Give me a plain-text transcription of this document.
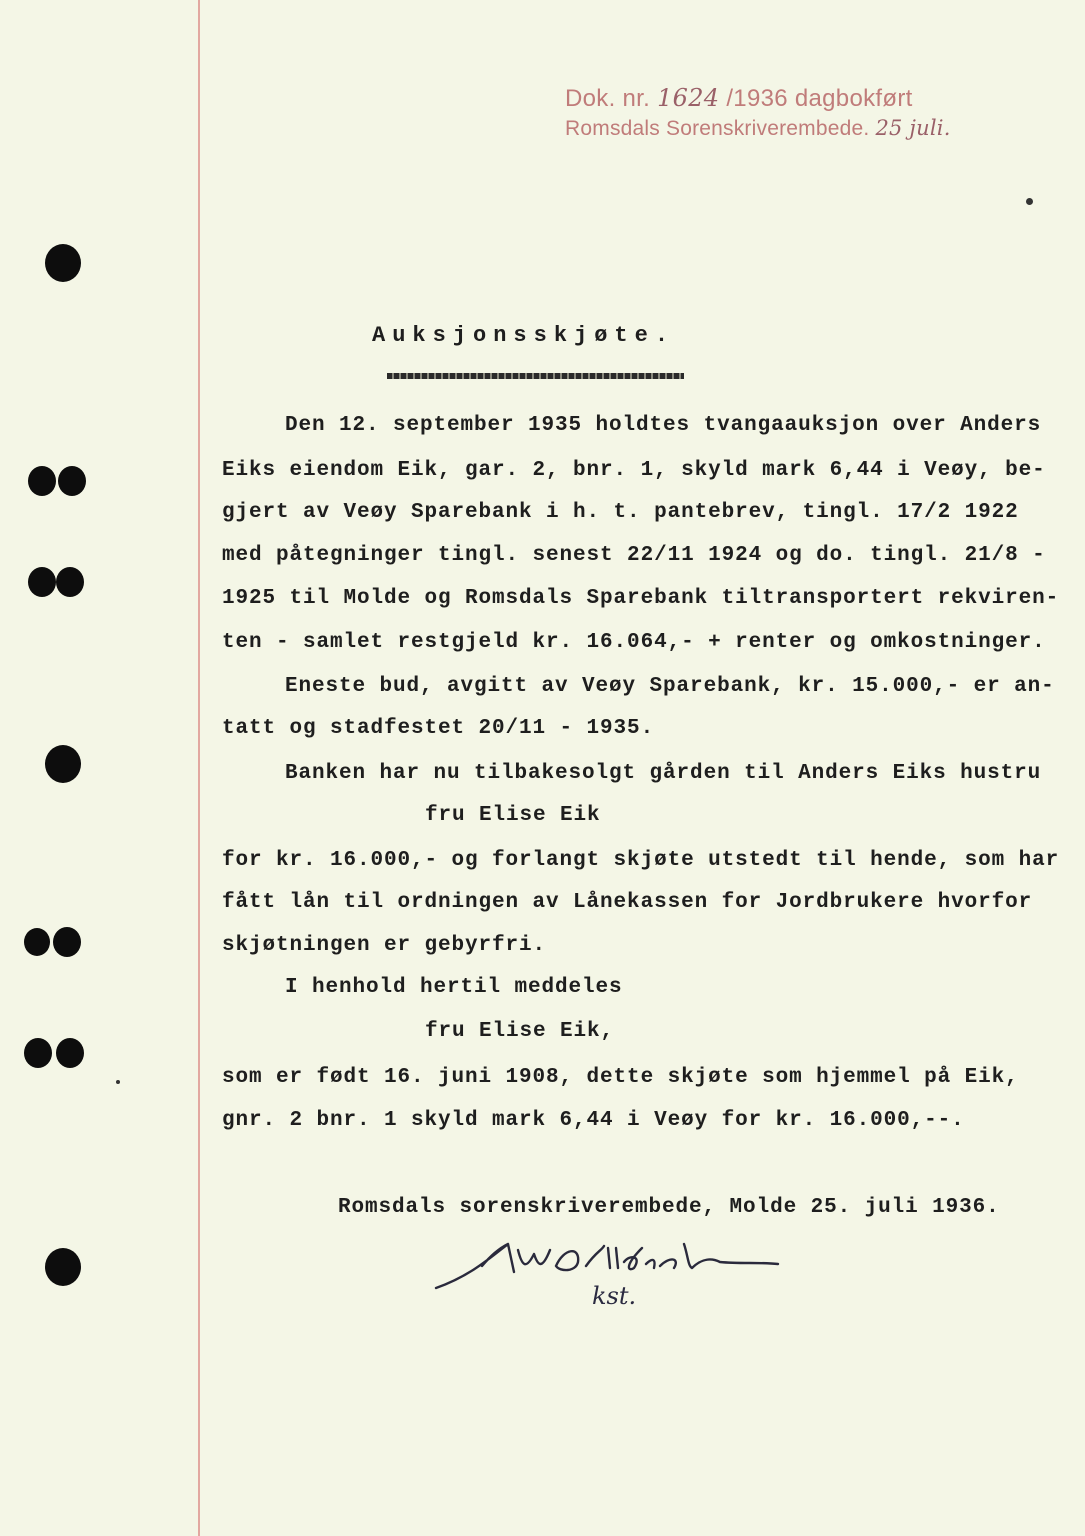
Dok. nr. 1624 /1936 dagbokført
Romsdals Sorenskriverembede. 25 juli.
Auksjonsskjøte.
Den 12. september 1935 holdtes tvangaauksjon over Anders
Eiks eiendom Eik, gar. 2, bnr. 1, skyld mark 6,44 i Veøy, be-
gjert av Veøy Sparebank i h. t. pantebrev, tingl. 17/2 1922
med påtegninger tingl. senest 22/11 1924 og do. tingl. 21/8 -
1925 til Molde og Romsdals Sparebank tiltransportert rekviren-
ten - samlet restgjeld kr. 16.064,- + renter og omkostninger.
Eneste bud, avgitt av Veøy Sparebank, kr. 15.000,- er an-
tatt og stadfestet 20/11 - 1935.
Banken har nu tilbakesolgt gården til Anders Eiks hustru
fru Elise Eik
for kr. 16.000,- og forlangt skjøte utstedt til hende, som har
fått lån til ordningen av Lånekassen for Jordbrukere hvorfor
skjøtningen er gebyrfri.
I henhold hertil meddeles
fru Elise Eik,
som er født 16. juni 1908, dette skjøte som hjemmel på Eik,
gnr. 2 bnr. 1 skyld mark 6,44 i Veøy for kr. 16.000,--.
Romsdals sorenskriverembede, Molde 25. juli 1936.
A.W. Ulldirch
kst.
